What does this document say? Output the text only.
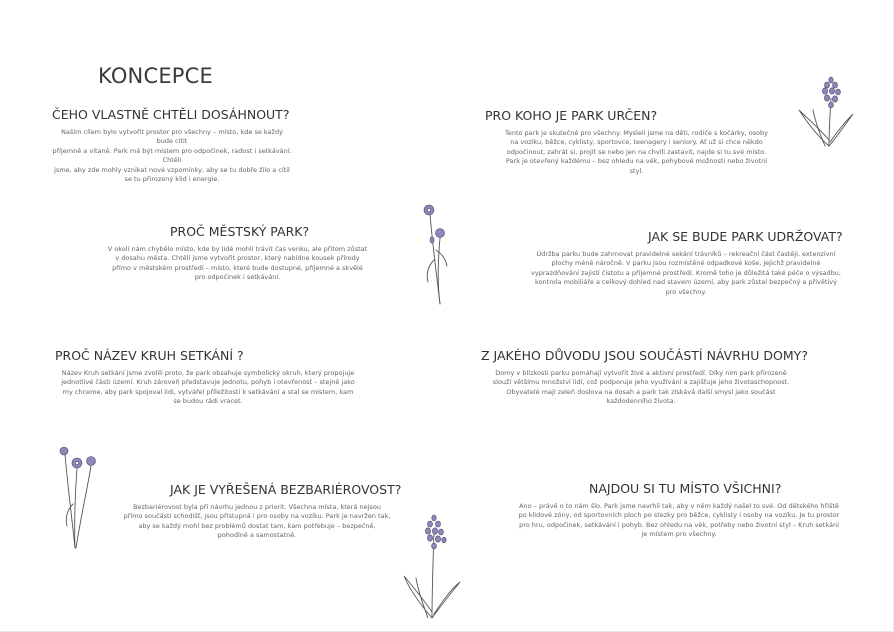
KONCEPCE
ČEHO VLASTNĚ CHTĚLI DOSÁHNOUT?

Naším cílem bylo vytvořit prostor pro všechny – místo, kde se každý bude cítit
příjemně a vítaně. Park má být místem pro odpočinek, radost i setkávání. Chtěli
jsme, aby zde mohly vznikat nové vzpomínky, aby se tu dobře žilo a cítil
se tu přirozený klid i energie.

PRO KOHO JE PARK URČEN?

Tento park je skutečně pro všechny. Mysleli jsme na děti, rodiče s kočárky, osoby
na vozíku, běžce, cyklisty, sportovce, teenagery i seniory. Ať už si chce někdo
odpočinout, zahrát si, projít se nebo jen na chvíli zastavit, najde si tu své místo.
Park je otevřený každému – bez ohledu na věk, pohybové možnosti nebo životní
styl.

PROČ MĚSTSKÝ PARK?

V okolí nám chybělo místo, kde by lidé mohli trávit čas venku, ale přitom zůstat
v dosahu města. Chtěli jsme vytvořit prostor, který nabídne kousek přírody
přímo v městském prostředí – místo, které bude dostupné, příjemné a skvělé
pro odpočinek i setkávání.

JAK SE BUDE PARK UDRŽOVAT?

Údržba parku bude zahrnovat pravidelné sekání trávníků – rekreační část častěji, extenzivní
plochy méně náročně. V parku jsou rozmístěné odpadkové koše, jejichž pravidelné
vyprazdňování zajistí čistotu a příjemné prostředí. Kromě toho je důležitá také péče o výsadbu,
kontrola mobiliáře a celkový dohled nad stavem území, aby park zůstal bezpečný a přívětivý
pro všechny.

PROČ NÁZEV KRUH SETKÁNÍ ?

Název Kruh setkání jsme zvolili proto, že park obsahuje symbolický okruh, který propojuje
jednotlivé části území. Kruh zároveň představuje jednotu, pohyb i otevřenost – stejně jako
my chceme, aby park spojoval lidi, vytvářel příležitosti k setkávání a stal se místem, kam
se budou rádi vracet.

Z JAKÉHO DŮVODU JSOU SOUČÁSTÍ NÁVRHU DOMY?

Domy v blízkosti parku pomáhají vytvořit živé a aktivní prostředí. Díky nim park přirozeně
slouží většímu množství lidí, což podporuje jeho využívání a zajišťuje jeho životaschopnost.
Obyvatelé mají zeleň doslova na dosah a park tak získává další smysl jako součást
každodenního života.

JAK JE VYŘEŠENÁ BEZBARIÉROVOST?

Bezbariérovost byla při návrhu jednou z priorit. Všechna místa, která nejsou
přímo součástí schodišť, jsou přístupná i pro osoby na vozíku. Park je navržen tak,
aby se každý mohl bez problémů dostat tam, kam potřebuje – bezpečně,
pohodlně a samostatně.

NAJDOU SI TU MÍSTO VŠICHNI?

Ano – právě o to nám šlo. Park jsme navrhli tak, aby v něm každý našel to své. Od dětského hřiště
po klidové zóny, od sportovních ploch po stezky pro běžce, cyklisty i osoby na vozíku. Je tu prostor
pro hru, odpočinek, setkávání i pohyb. Bez ohledu na věk, potřeby nebo životní styl – Kruh setkání
je místem pro všechny.
